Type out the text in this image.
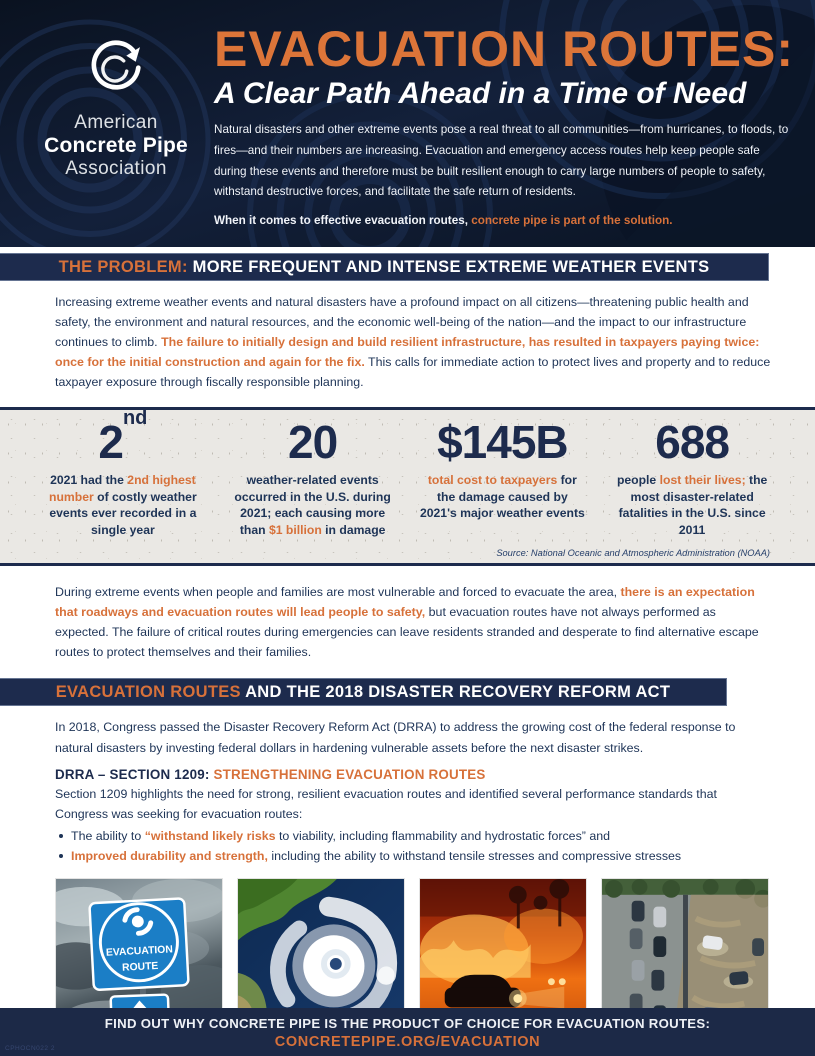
American
Concrete Pipe
Association
EVACUATION ROUTES:
A Clear Path Ahead in a Time of Need

Natural disasters and other extreme events pose a real threat to all communities—from hurricanes, to floods, to fires—and their numbers are increasing. Evacuation and emergency access routes help keep people safe during these events and therefore must be built resilient enough to carry large numbers of people to safety, withstand destructive forces, and facilitate the safe return of residents.

When it comes to effective evacuation routes, concrete pipe is part of the solution.

THE PROBLEM: MORE FREQUENT AND INTENSE EXTREME WEATHER EVENTS

Increasing extreme weather events and natural disasters have a profound impact on all citizens—threatening public health and safety, the environment and natural resources, and the economic well-being of the nation—and the impact to our infrastructure continues to climb. The failure to initially design and build resilient infrastructure, has resulted in taxpayers paying twice: once for the initial construction and again for the fix. This calls for immediate action to protect lives and property and to reduce taxpayer exposure through fiscally responsible planning.

2nd

2021 had the 2nd highest number of costly weather events ever recorded in a single year

20

weather-related events occurred in the U.S. during 2021; each causing more than $1 billion in damage

$145B

total cost to taxpayers for the damage caused by 2021's major weather events

688

people lost their lives; the most disaster-related fatalities in the U.S. since 2011

Source: National Oceanic and Atmospheric Administration (NOAA)

During extreme events when people and families are most vulnerable and forced to evacuate the area, there is an expectation that roadways and evacuation routes will lead people to safety, but evacuation routes have not always performed as expected. The failure of critical routes during emergencies can leave residents stranded and desperate to find alternative escape routes to protect themselves and their families.

EVACUATION ROUTES AND THE 2018 DISASTER RECOVERY REFORM ACT

In 2018, Congress passed the Disaster Recovery Reform Act (DRRA) to address the growing cost of the federal response to natural disasters by investing federal dollars in hardening vulnerable assets before the next disaster strikes.

DRRA – SECTION 1209: STRENGTHENING EVACUATION ROUTES

Section 1209 highlights the need for strong, resilient evacuation routes and identified several performance standards that Congress was seeking for evacuation routes:

The ability to “withstand likely risks to viability, including flammability and hydrostatic forces” and
Improved durability and strength, including the ability to withstand tensile stresses and compressive stresses
EVACUATION
ROUTE
FIND OUT WHY CONCRETE PIPE IS THE PRODUCT OF CHOICE FOR EVACUATION ROUTES:
CONCRETEPIPE.ORG/EVACUATION
CPHOCN022 2
